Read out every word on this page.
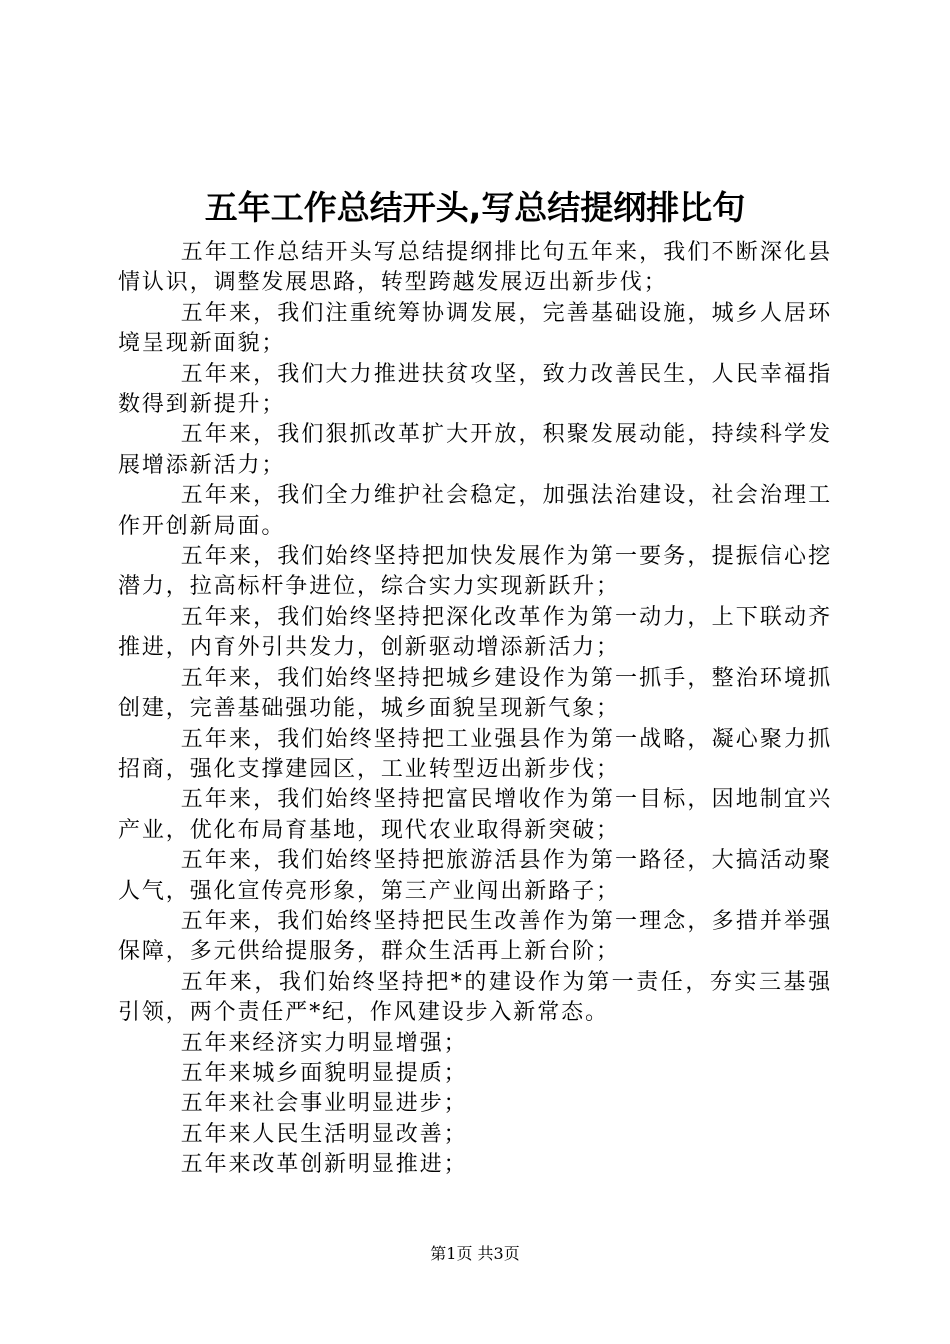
五年工作总结开头,写总结提纲排比句

五年工作总结开头写总结提纲排比句五年来，我们不断深化县情认识，调整发展思路，转型跨越发展迈出新步伐；

五年来，我们注重统筹协调发展，完善基础设施，城乡人居环境呈现新面貌；

五年来，我们大力推进扶贫攻坚，致力改善民生，人民幸福指数得到新提升；

五年来，我们狠抓改革扩大开放，积聚发展动能，持续科学发展增添新活力；

五年来，我们全力维护社会稳定，加强法治建设，社会治理工作开创新局面。

五年来，我们始终坚持把加快发展作为第一要务，提振信心挖潜力，拉高标杆争进位，综合实力实现新跃升；

五年来，我们始终坚持把深化改革作为第一动力，上下联动齐推进，内育外引共发力，创新驱动增添新活力；

五年来，我们始终坚持把城乡建设作为第一抓手，整治环境抓创建，完善基础强功能，城乡面貌呈现新气象；

五年来，我们始终坚持把工业强县作为第一战略，凝心聚力抓招商，强化支撑建园区，工业转型迈出新步伐；

五年来，我们始终坚持把富民增收作为第一目标，因地制宜兴产业，优化布局育基地，现代农业取得新突破；

五年来，我们始终坚持把旅游活县作为第一路径，大搞活动聚人气，强化宣传亮形象，第三产业闯出新路子；

五年来，我们始终坚持把民生改善作为第一理念，多措并举强保障，多元供给提服务，群众生活再上新台阶；

五年来，我们始终坚持把*的建设作为第一责任，夯实三基强引领，两个责任严*纪，作风建设步入新常态。

五年来经济实力明显增强；

五年来城乡面貌明显提质；

五年来社会事业明显进步；

五年来人民生活明显改善；

五年来改革创新明显推进；

第1页 共3页
